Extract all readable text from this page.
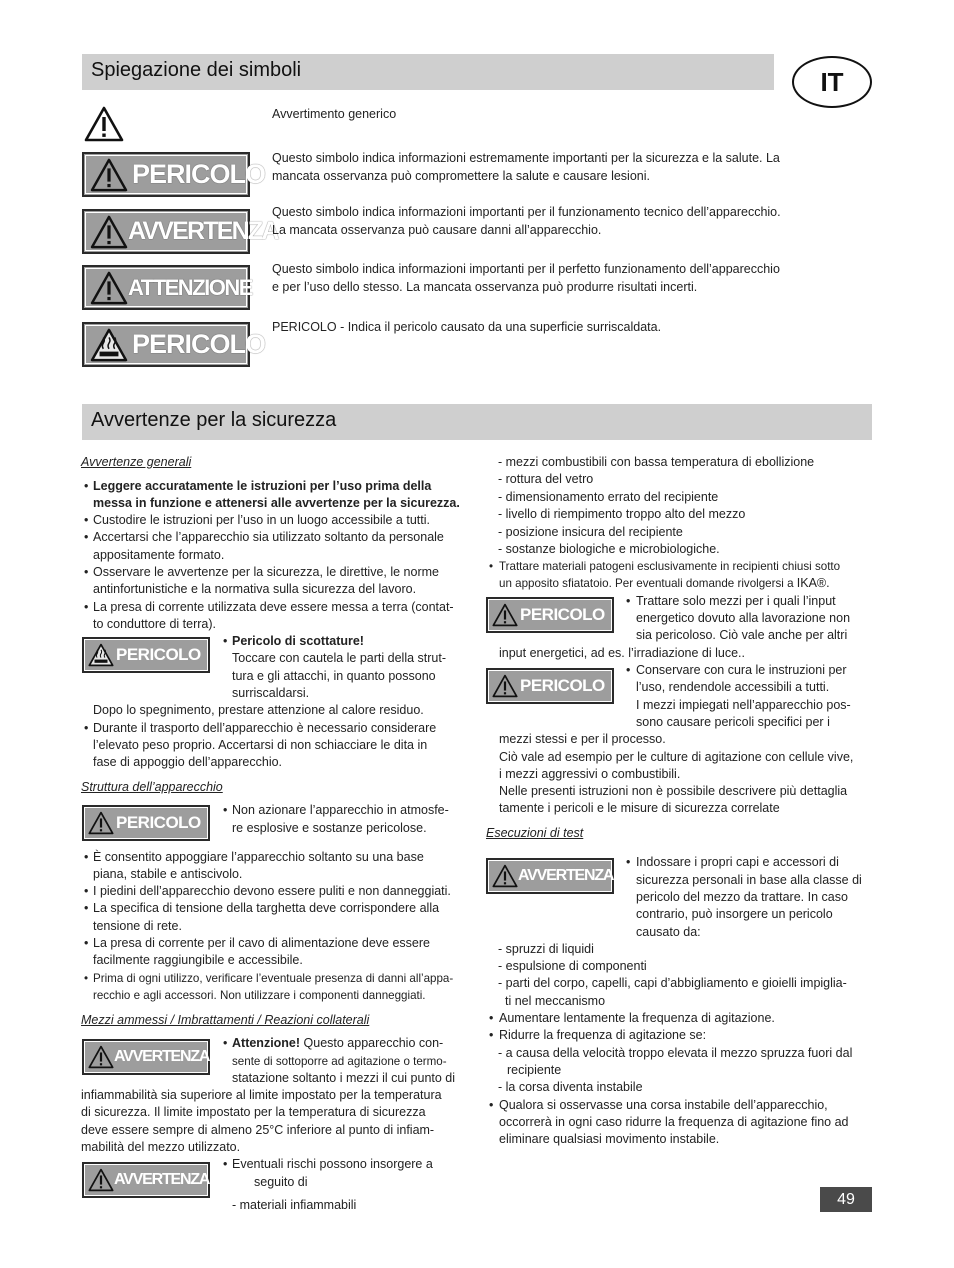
Spiegazione dei simboli	IT
Avvertimento generico
PERICOLO
Questo simbolo indica informazioni estremamente importanti per la sicurezza e la salute. La
mancata osservanza può compromettere la salute e causare lesioni.
AVVERTENZA
Questo simbolo indica informazioni importanti per il funzionamento tecnico dell’apparecchio.
La mancata osservanza può causare danni all’apparecchio.
ATTENZIONE
Questo simbolo indica informazioni importanti per il perfetto funzionamento dell’apparecchio
e per l’uso dello stesso. La mancata osservanza può produrre risultati incerti.
PERICOLO
PERICOLO - Indica il pericolo causato da una superficie surriscaldata.
Avvertenze per la sicurezza
Avvertenze generali
• Leggere accuratamente le istruzioni per l’uso prima della
messa in funzione e attenersi alle avvertenze per la sicurezza.
• Custodire le istruzioni per l’uso in un luogo accessibile a tutti.
• Accertarsi che l’apparecchio sia utilizzato soltanto da personale
appositamente formato.
• Osservare le avvertenze per la sicurezza, le direttive, le norme
antinfortunistiche e la normativa sulla sicurezza del lavoro.
• La presa di corrente utilizzata deve essere messa a terra (contat-
to conduttore di terra).
PERICOLO
• Pericolo di scottature!
Toccare con cautela le parti della strut-
tura e gli attacchi, in quanto possono
surriscaldarsi.
Dopo lo spegnimento, prestare attenzione al calore residuo.
• Durante il trasporto dell’apparecchio è necessario considerare
l’elevato peso proprio. Accertarsi di non schiacciare le dita in
fase di appoggio dell’apparecchio.
Struttura dell’apparecchio
PERICOLO
• Non azionare l’apparecchio in atmosfe-
re esplosive e sostanze pericolose.
• È consentito appoggiare l’apparecchio soltanto su una base
piana, stabile e antiscivolo.
• I piedini dell’apparecchio devono essere puliti e non danneggiati.
• La specifica di tensione della targhetta deve corrispondere alla
tensione di rete.
• La presa di corrente per il cavo di alimentazione deve essere
facilmente raggiungibile e accessibile.
• Prima di ogni utilizzo, verificare l’eventuale presenza di danni all’appa-
recchio e agli accessori. Non utilizzare i componenti danneggiati.
Mezzi ammessi / Imbrattamenti / Reazioni collaterali
AVVERTENZA
• Attenzione! Questo apparecchio con-
sente di sottoporre ad agitazione o termo-
statazione soltanto i mezzi il cui punto di
infiammabilità sia superiore al limite impostato per la temperatura
di sicurezza. Il limite impostato per la temperatura di sicurezza
deve essere sempre di almeno 25°C inferiore al punto di infiam-
mabilità del mezzo utilizzato.
AVVERTENZA
• Eventuali rischi possono insorgere a
seguito di
- materiali infiammabili
- mezzi combustibili con bassa temperatura di ebollizione
- rottura del vetro
- dimensionamento errato del recipiente
- livello di riempimento troppo alto del mezzo
- posizione insicura del recipiente
- sostanze biologiche e microbiologiche.
• Trattare materiali patogeni esclusivamente in recipienti chiusi sotto
un apposito sfiatatoio. Per eventuali domande rivolgersi a IKA®.
PERICOLO
• Trattare solo mezzi per i quali l’input
energetico dovuto alla lavorazione non
sia pericoloso. Ciò vale anche per altri
input energetici, ad es. l’irradiazione di luce..
PERICOLO
• Conservare con cura le instruzioni per
l’uso, rendendole accessibili a tutti.
I mezzi impiegati nell’apparecchio pos-
sono causare pericoli specifici per i
mezzi stessi e per il processo.
Ciò vale ad esempio per le culture di agitazione con cellule vive,
i mezzi aggressivi o combustibili.
Nelle presenti istruzioni non è possibile descrivere più dettaglia
tamente i pericoli e le misure di sicurezza correlate
Esecuzioni di test
AVVERTENZA
• Indossare i propri capi e accessori di
sicurezza personali in base alla classe di
pericolo del mezzo da trattare. In caso
contrario, può insorgere un pericolo
causato da:
- spruzzi di liquidi
- espulsione di componenti
- parti del corpo, capelli, capi d’abbigliamento e gioielli impiglia-
ti nel meccanismo
• Aumentare lentamente la frequenza di agitazione.
• Ridurre la frequenza di agitazione se:
- a causa della velocità troppo elevata il mezzo spruzza fuori dal
recipiente
- la corsa diventa instabile
• Qualora si osservasse una corsa instabile dell’apparecchio,
occorrerà in ogni caso ridurre la frequenza di agitazione fino ad
eliminare qualsiasi movimento instabile.
49
